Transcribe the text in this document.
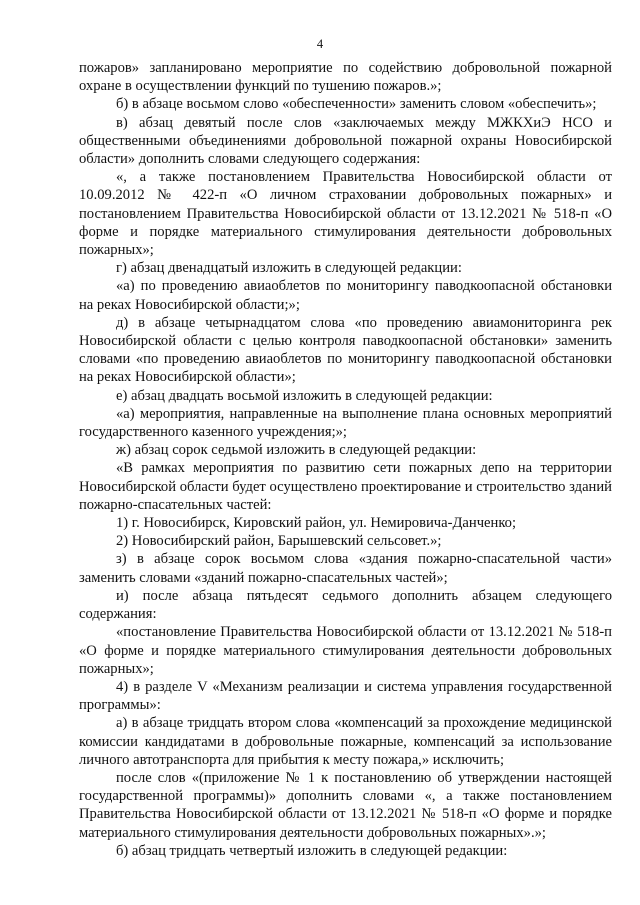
4

пожаров» запланировано мероприятие по содействию добровольной пожарной охране в осуществлении функций по тушению пожаров.»;

б) в абзаце восьмом слово «обеспеченности» заменить словом «обеспечить»;

в) абзац девятый после слов «заключаемых между МЖКХиЭ НСО и общественными объединениями добровольной пожарной охраны Новосибирской области» дополнить словами следующего содержания:

«, а также постановлением Правительства Новосибирской области от 10.09.2012 № 422-п «О личном страховании добровольных пожарных» и постановлением Правительства Новосибирской области от 13.12.2021 № 518-п «О форме и порядке материального стимулирования деятельности добровольных пожарных»;

г) абзац двенадцатый изложить в следующей редакции:

«а) по проведению авиаоблетов по мониторингу паводкоопасной обстановки на реках Новосибирской области;»;

д) в абзаце четырнадцатом слова «по проведению авиамониторинга рек Новосибирской области с целью контроля паводкоопасной обстановки» заменить словами «по проведению авиаоблетов по мониторингу паводкоопасной обстановки на реках Новосибирской области»;

е) абзац двадцать восьмой изложить в следующей редакции:

«а) мероприятия, направленные на выполнение плана основных мероприятий государственного казенного учреждения;»;

ж) абзац сорок седьмой изложить в следующей редакции:

«В рамках мероприятия по развитию сети пожарных депо на территории Новосибирской области будет осуществлено проектирование и строительство зданий пожарно-спасательных частей:

1) г. Новосибирск, Кировский район, ул. Немировича-Данченко;

2) Новосибирский район, Барышевский сельсовет.»;

з) в абзаце сорок восьмом слова «здания пожарно-спасательной части» заменить словами «зданий пожарно-спасательных частей»;

и) после абзаца пятьдесят седьмого дополнить абзацем следующего содержания:

«постановление Правительства Новосибирской области от 13.12.2021 № 518-п «О форме и порядке материального стимулирования деятельности добровольных пожарных»;

4) в разделе V «Механизм реализации и система управления государственной программы»:

а) в абзаце тридцать втором слова «компенсаций за прохождение медицинской комиссии кандидатами в добровольные пожарные, компенсаций за использование личного автотранспорта для прибытия к месту пожара,» исключить;

после слов «(приложение № 1 к постановлению об утверждении настоящей государственной программы)» дополнить словами «, а также постановлением Правительства Новосибирской области от 13.12.2021 № 518-п «О форме и порядке материального стимулирования деятельности добровольных пожарных».»;

б) абзац тридцать четвертый изложить в следующей редакции:
